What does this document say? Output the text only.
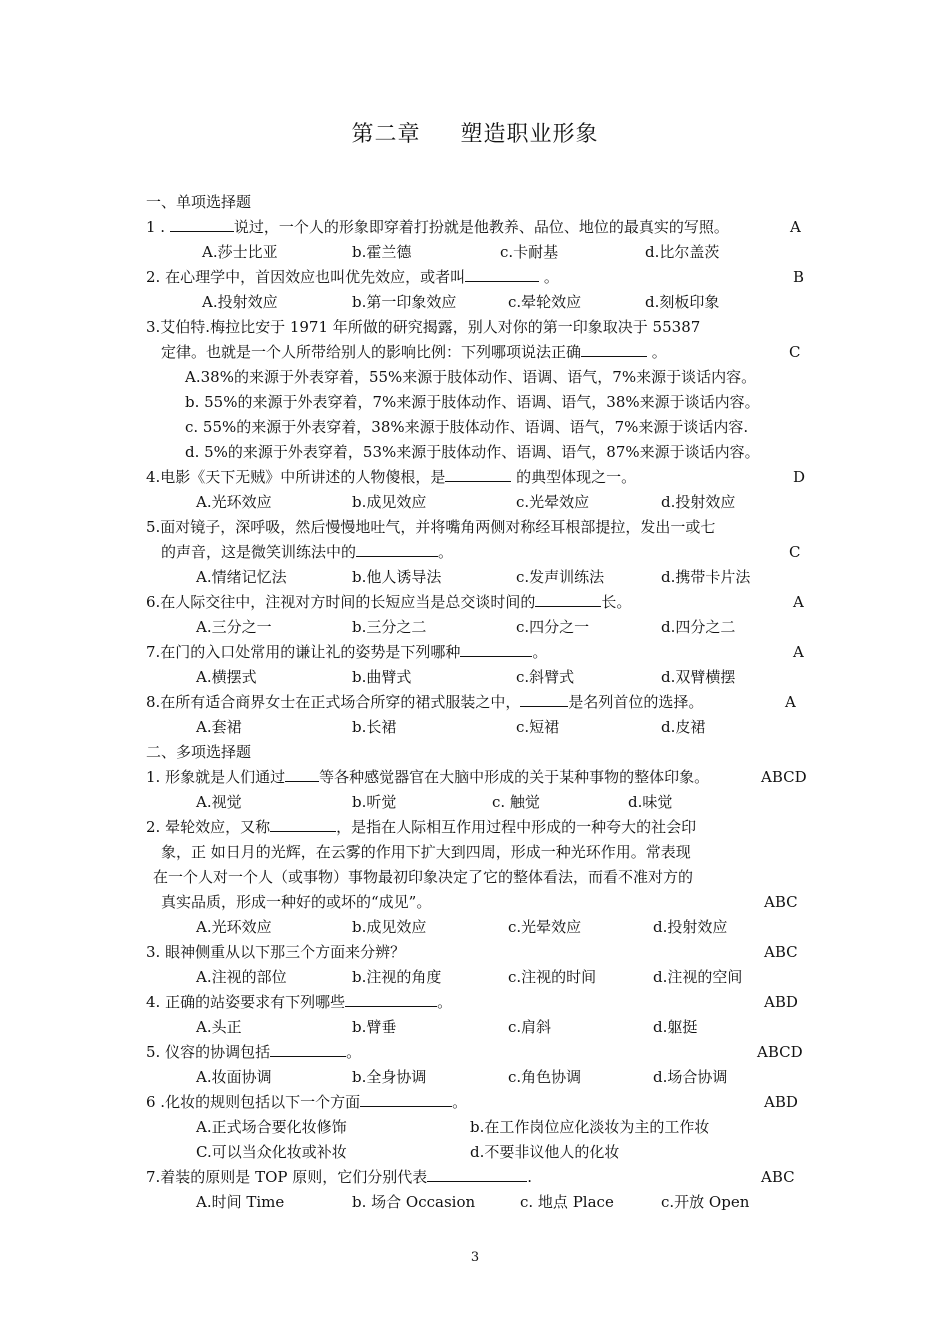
第二章 塑造职业形象
一、单项选择题
1 .	说过，一个人的形象即穿着打扮就是他教养、品位、地位的最真实的写照。	A
A.莎士比亚	b.霍兰德	c.卡耐基	d.比尔盖茨
2. 在心理学中，首因效应也叫优先效应，或者叫	。	B
A.投射效应	b.第一印象效应	c.晕轮效应	d.刻板印象
3.艾伯特.梅拉比安于 1971 年所做的研究揭露，别人对你的第一印象取决于 55387
定律。也就是一个人所带给别人的影响比例：下列哪项说法正确	。	C
A.38%的来源于外表穿着，55%来源于肢体动作、语调、语气，7%来源于谈话内容。
b. 55%的来源于外表穿着，7%来源于肢体动作、语调、语气，38%来源于谈话内容。
c. 55%的来源于外表穿着，38%来源于肢体动作、语调、语气，7%来源于谈话内容.
d. 5%的来源于外表穿着，53%来源于肢体动作、语调、语气，87%来源于谈话内容。
4.电影《天下无贼》中所讲述的人物傻根，是	的典型体现之一。	D
A.光环效应	b.成见效应	c.光晕效应	d.投射效应
5.面对镜子，深呼吸，然后慢慢地吐气，并将嘴角两侧对称经耳根部提拉，发出一或七
的声音，这是微笑训练法中的	。	C
A.情绪记忆法	b.他人诱导法	c.发声训练法	d.携带卡片法
6.在人际交往中，注视对方时间的长短应当是总交谈时间的	长。	A
A.三分之一	b.三分之二	c.四分之一	d.四分之二
7.在门的入口处常用的谦让礼的姿势是下列哪种	。	A
A.横摆式	b.曲臂式	c.斜臂式	d.双臂横摆
8.在所有适合商界女士在正式场合所穿的裙式服装之中，	是名列首位的选择。	A
A.套裙	b.长裙	c.短裙	d.皮裙
二、多项选择题
1. 形象就是人们通过 等各种感觉器官在大脑中形成的关于某种事物的整体印象。	ABCD
A.视觉	b.听觉	c. 触觉	d.味觉
2. 晕轮效应，又称	，是指在人际相互作用过程中形成的一种夸大的社会印
象，正 如日月的光辉，在云雾的作用下扩大到四周，形成一种光环作用。常表现
在一个人对一个人（或事物）事物最初印象决定了它的整体看法，而看不准对方的
真实品质，形成一种好的或坏的“成见”。	ABC
A.光环效应	b.成见效应	c.光晕效应	d.投射效应
3. 眼神侧重从以下那三个方面来分辨？	ABC
A.注视的部位	b.注视的角度	c.注视的时间	d.注视的空间
4. 正确的站姿要求有下列哪些	。	ABD
A.头正	b.臂垂	c.肩斜	d.躯挺
5. 仪容的协调包括	。	ABCD
A.妆面协调	b.全身协调	c.角色协调	d.场合协调
6 .化妆的规则包括以下一个方面	。	ABD
A.正式场合要化妆修饰	b.在工作岗位应化淡妆为主的工作妆
C.可以当众化妆或补妆	d.不要非议他人的化妆
7.着装的原则是 TOP 原则，它们分别代表	.	ABC
A.时间 Time	b. 场合 Occasion	c. 地点 Place	c.开放 Open
3
